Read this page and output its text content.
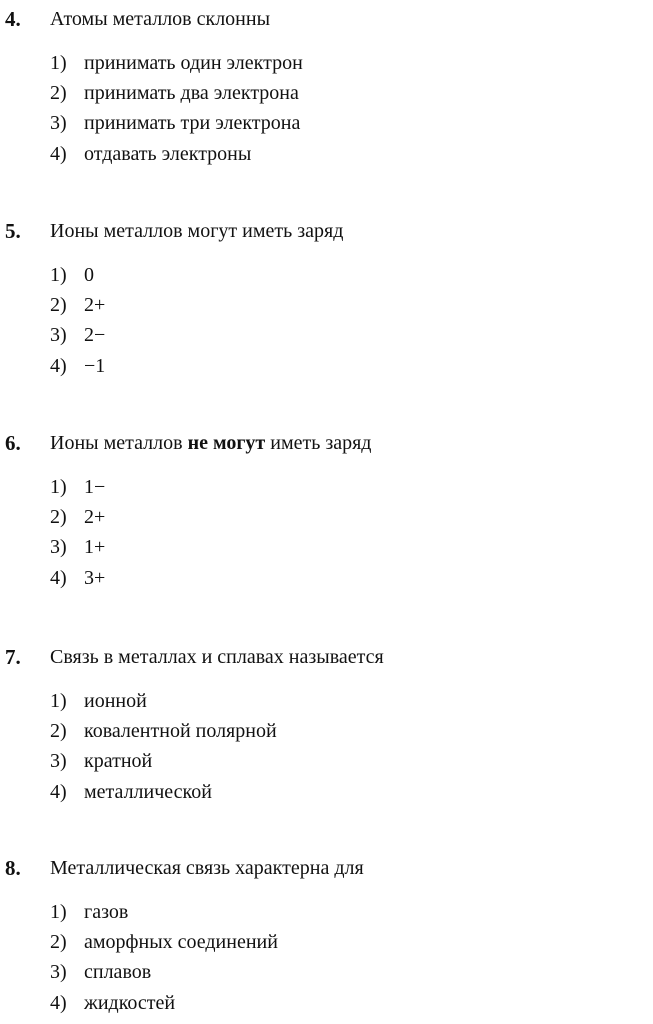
4. Атомы металлов склонны
1) принимать один электрон
2) принимать два электрона
3) принимать три электрона
4) отдавать электроны
5. Ионы металлов могут иметь заряд
1) 0
2) 2+
3) 2−
4) −1
6. Ионы металлов не могут иметь заряд
1) 1−
2) 2+
3) 1+
4) 3+
7. Связь в металлах и сплавах называется
1) ионной
2) ковалентной полярной
3) кратной
4) металлической
8. Металлическая связь характерна для
1) газов
2) аморфных соединений
3) сплавов
4) жидкостей
